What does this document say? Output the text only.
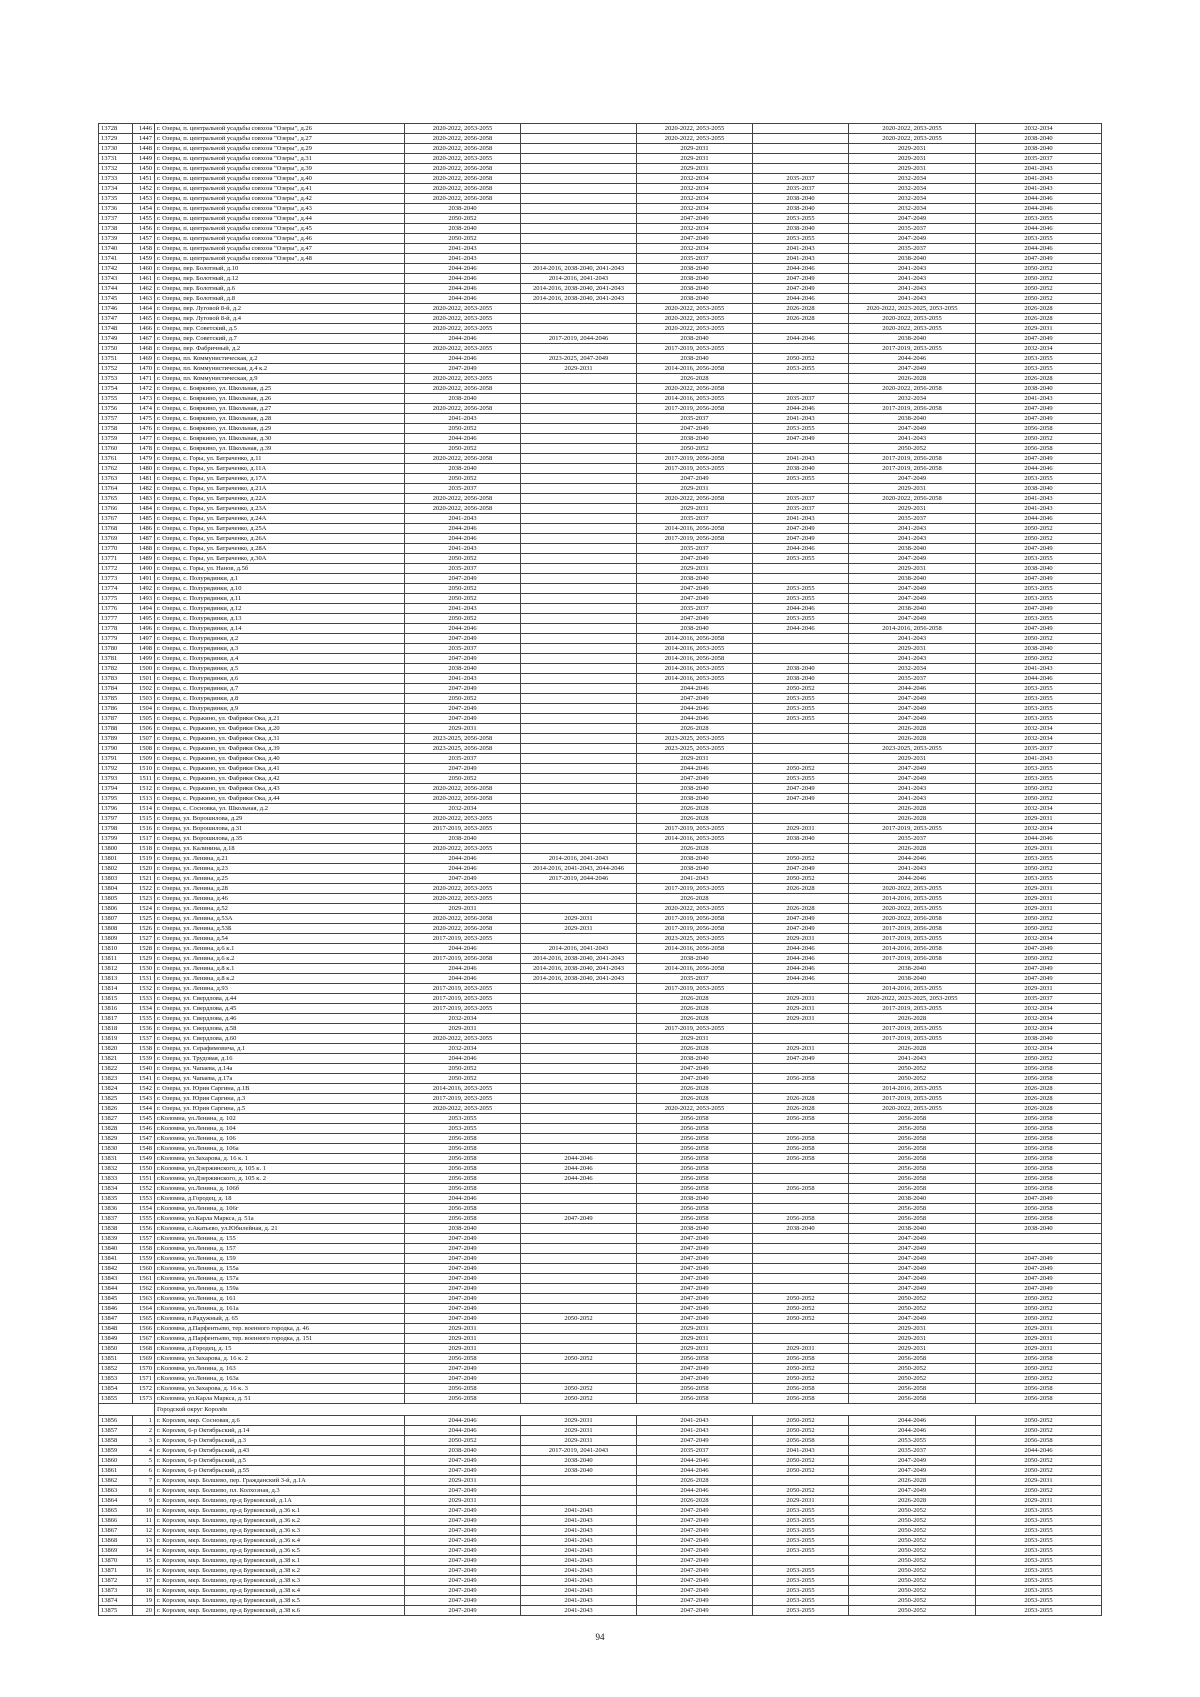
13728	1446	г. Озеры, п. центральной усадьбы совхоза "Озеры", д.26	2020-2022, 2053-2055		2020-2022, 2053-2055		2020-2022, 2053-2055	2032-2034
13729	1447	г. Озеры, п. центральной усадьбы совхоза "Озеры", д.27	2020-2022, 2056-2058		2020-2022, 2053-2055		2020-2022, 2053-2055	2038-2040
13730	1448	г. Озеры, п. центральной усадьбы совхоза "Озеры", д.29	2020-2022, 2056-2058		2029-2031		2029-2031	2038-2040
13731	1449	г. Озеры, п. центральной усадьбы совхоза "Озеры", д.31	2020-2022, 2053-2055		2029-2031		2029-2031	2035-2037
13732	1450	г. Озеры, п. центральной усадьбы совхоза "Озеры", д.39	2020-2022, 2056-2058		2029-2031		2029-2031	2041-2043
13733	1451	г. Озеры, п. центральной усадьбы совхоза "Озеры", д.40	2020-2022, 2056-2058		2032-2034	2035-2037	2032-2034	2041-2043
13734	1452	г. Озеры, п. центральной усадьбы совхоза "Озеры", д.41	2020-2022, 2056-2058		2032-2034	2035-2037	2032-2034	2041-2043
13735	1453	г. Озеры, п. центральной усадьбы совхоза "Озеры", д.42	2020-2022, 2056-2058		2032-2034	2038-2040	2032-2034	2044-2046
13736	1454	г. Озеры, п. центральной усадьбы совхоза "Озеры", д.43	2038-2040		2032-2034	2038-2040	2032-2034	2044-2046
13737	1455	г. Озеры, п. центральной усадьбы совхоза "Озеры", д.44	2050-2052		2047-2049	2053-2055	2047-2049	2053-2055
13738	1456	г. Озеры, п. центральной усадьбы совхоза "Озеры", д.45	2038-2040		2032-2034	2038-2040	2035-2037	2044-2046
13739	1457	г. Озеры, п. центральной усадьбы совхоза "Озеры", д.46	2050-2052		2047-2049	2053-2055	2047-2049	2053-2055
13740	1458	г. Озеры, п. центральной усадьбы совхоза "Озеры", д.47	2041-2043		2032-2034	2041-2043	2035-2037	2044-2046
13741	1459	г. Озеры, п. центральной усадьбы совхоза "Озеры", д.48	2041-2043		2035-2037	2041-2043	2038-2040	2047-2049
13742	1460	г. Озеры, пер. Болотный, д.10	2044-2046	2014-2016, 2038-2040, 2041-2043	2038-2040	2044-2046	2041-2043	2050-2052
13743	1461	г. Озеры, пер. Болотный, д.12	2044-2046	2014-2016, 2041-2043	2038-2040	2047-2049	2041-2043	2050-2052
13744	1462	г. Озеры, пер. Болотный, д.6	2044-2046	2014-2016, 2038-2040, 2041-2043	2038-2040	2047-2049	2041-2043	2050-2052
13745	1463	г. Озеры, пер. Болотный, д.8	2044-2046	2014-2016, 2038-2040, 2041-2043	2038-2040	2044-2046	2041-2043	2050-2052
13746	1464	г. Озеры, пер. Луговой 8-й, д.2	2020-2022, 2053-2055		2020-2022, 2053-2055	2026-2028	2020-2022, 2023-2025, 2053-2055	2026-2028
13747	1465	г. Озеры, пер. Луговой 8-й, д.4	2020-2022, 2053-2055		2020-2022, 2053-2055	2026-2028	2020-2022, 2053-2055	2026-2028
13748	1466	г. Озеры, пер. Советский, д.5	2020-2022, 2053-2055		2020-2022, 2053-2055		2020-2022, 2053-2055	2029-2031
13749	1467	г. Озеры, пер. Советский, д.7	2044-2046	2017-2019, 2044-2046	2038-2040	2044-2046	2038-2040	2047-2049
13750	1468	г. Озеры, пер. Фабричный, д.2	2020-2022, 2053-2055		2017-2019, 2053-2055		2017-2019, 2053-2055	2032-2034
13751	1469	г. Озеры, пл. Коммунистическая, д.2	2044-2046	2023-2025, 2047-2049	2038-2040	2050-2052	2044-2046	2053-2055
13752	1470	г. Озеры, пл. Коммунистическая, д.4 к.2	2047-2049	2029-2031	2014-2016, 2056-2058	2053-2055	2047-2049	2053-2055
13753	1471	г. Озеры, пл. Коммунистическая, д.9	2020-2022, 2053-2055		2026-2028		2026-2028	2026-2028
13754	1472	г. Озеры, с. Бояркино, ул. Школьная, д.25	2020-2022, 2056-2058		2020-2022, 2056-2058		2020-2022, 2056-2058	2038-2040
13755	1473	г. Озеры, с. Бояркино, ул. Школьная, д.26	2038-2040		2014-2016, 2053-2055	2035-2037	2032-2034	2041-2043
13756	1474	г. Озеры, с. Бояркино, ул. Школьная, д.27	2020-2022, 2056-2058		2017-2019, 2056-2058	2044-2046	2017-2019, 2056-2058	2047-2049
13757	1475	г. Озеры, с. Бояркино, ул. Школьная, д.28	2041-2043		2035-2037	2041-2043	2038-2040	2047-2049
13758	1476	г. Озеры, с. Бояркино, ул. Школьная, д.29	2050-2052		2047-2049	2053-2055	2047-2049	2056-2058
13759	1477	г. Озеры, с. Бояркино, ул. Школьная, д.30	2044-2046		2038-2040	2047-2049	2041-2043	2050-2052
13760	1478	г. Озеры, с. Бояркино, ул. Школьная, д.39	2050-2052		2050-2052		2050-2052	2056-2058
13761	1479	г. Озеры, с. Горы, ул. Батраченко, д.11	2020-2022, 2056-2058		2017-2019, 2056-2058	2041-2043	2017-2019, 2056-2058	2047-2049
13762	1480	г. Озеры, с. Горы, ул. Батраченко, д.11А	2038-2040		2017-2019, 2053-2055	2038-2040	2017-2019, 2056-2058	2044-2046
13763	1481	г. Озеры, с. Горы, ул. Батраченко, д.17А	2050-2052		2047-2049	2053-2055	2047-2049	2053-2055
13764	1482	г. Озеры, с. Горы, ул. Батраченко, д.21А	2035-2037		2029-2031		2029-2031	2038-2040
13765	1483	г. Озеры, с. Горы, ул. Батраченко, д.22А	2020-2022, 2056-2058		2020-2022, 2056-2058	2035-2037	2020-2022, 2056-2058	2041-2043
13766	1484	г. Озеры, с. Горы, ул. Батраченко, д.23А	2020-2022, 2056-2058		2029-2031	2035-2037	2029-2031	2041-2043
13767	1485	г. Озеры, с. Горы, ул. Батраченко, д.24А	2041-2043		2035-2037	2041-2043	2035-2037	2044-2046
13768	1486	г. Озеры, с. Горы, ул. Батраченко, д.25А	2044-2046		2014-2016, 2056-2058	2047-2049	2041-2043	2050-2052
13769	1487	г. Озеры, с. Горы, ул. Батраченко, д.26А	2044-2046		2017-2019, 2056-2058	2047-2049	2041-2043	2050-2052
13770	1488	г. Озеры, с. Горы, ул. Батраченко, д.28А	2041-2043		2035-2037	2044-2046	2038-2040	2047-2049
13771	1489	г. Озеры, с. Горы, ул. Батраченко, д.30А	2050-2052		2047-2049	2053-2055	2047-2049	2053-2055
13772	1490	г. Озеры, с. Горы, ул. Нанов, д.5б	2035-2037		2029-2031		2029-2031	2038-2040
13773	1491	г. Озеры, с. Полурядинки, д.1	2047-2049		2038-2040		2038-2040	2047-2049
13774	1492	г. Озеры, с. Полурядинки, д.10	2050-2052		2047-2049	2053-2055	2047-2049	2053-2055
13775	1493	г. Озеры, с. Полурядинки, д.11	2050-2052		2047-2049	2053-2055	2047-2049	2053-2055
13776	1494	г. Озеры, с. Полурядинки, д.12	2041-2043		2035-2037	2044-2046	2038-2040	2047-2049
13777	1495	г. Озеры, с. Полурядинки, д.13	2050-2052		2047-2049	2053-2055	2047-2049	2053-2055
13778	1496	г. Озеры, с. Полурядинки, д.14	2044-2046		2038-2040	2044-2046	2014-2016, 2056-2058	2047-2049
13779	1497	г. Озеры, с. Полурядинки, д.2	2047-2049		2014-2016, 2056-2058		2041-2043	2050-2052
13780	1498	г. Озеры, с. Полурядинки, д.3	2035-2037		2014-2016, 2053-2055		2029-2031	2038-2040
13781	1499	г. Озеры, с. Полурядинки, д.4	2047-2049		2014-2016, 2056-2058		2041-2043	2050-2052
13782	1500	г. Озеры, с. Полурядинки, д.5	2038-2040		2014-2016, 2053-2055	2038-2040	2032-2034	2041-2043
13783	1501	г. Озеры, с. Полурядинки, д.6	2041-2043		2014-2016, 2053-2055	2038-2040	2035-2037	2044-2046
13784	1502	г. Озеры, с. Полурядинки, д.7	2047-2049		2044-2046	2050-2052	2044-2046	2053-2055
13785	1503	г. Озеры, с. Полурядинки, д.8	2050-2052		2047-2049	2053-2055	2047-2049	2053-2055
13786	1504	г. Озеры, с. Полурядинки, д.9	2047-2049		2044-2046	2053-2055	2047-2049	2053-2055
13787	1505	г. Озеры, с. Редькино, ул. Фабрики Ока, д.21	2047-2049		2044-2046	2053-2055	2047-2049	2053-2055
13788	1506	г. Озеры, с. Редькино, ул. Фабрики Ока, д.20	2029-2031		2026-2028		2026-2028	2032-2034
13789	1507	г. Озеры, с. Редькино, ул. Фабрики Ока, д.31	2023-2025, 2056-2058		2023-2025, 2053-2055		2026-2028	2032-2034
13790	1508	г. Озеры, с. Редькино, ул. Фабрики Ока, д.39	2023-2025, 2056-2058		2023-2025, 2053-2055		2023-2025, 2053-2055	2035-2037
13791	1509	г. Озеры, с. Редькино, ул. Фабрики Ока, д.40	2035-2037		2029-2031		2029-2031	2041-2043
13792	1510	г. Озеры, с. Редькино, ул. Фабрики Ока, д.41	2047-2049		2044-2046	2050-2052	2047-2049	2053-2055
13793	1511	г. Озеры, с. Редькино, ул. Фабрики Ока, д.42	2050-2052		2047-2049	2053-2055	2047-2049	2053-2055
13794	1512	г. Озеры, с. Редькино, ул. Фабрики Ока, д.43	2020-2022, 2056-2058		2038-2040	2047-2049	2041-2043	2050-2052
13795	1513	г. Озеры, с. Редькино, ул. Фабрики Ока, д.44	2020-2022, 2056-2058		2038-2040	2047-2049	2041-2043	2050-2052
13796	1514	г. Озеры, с. Сосновка, ул. Школьная, д.2	2032-2034		2026-2028		2026-2028	2032-2034
13797	1515	г. Озеры, ул. Ворошилова, д.29	2020-2022, 2053-2055		2026-2028		2026-2028	2029-2031
13798	1516	г. Озеры, ул. Ворошилова, д.31	2017-2019, 2053-2055		2017-2019, 2053-2055	2029-2031	2017-2019, 2053-2055	2032-2034
13799	1517	г. Озеры, ул. Ворошилова, д.35	2038-2040		2014-2016, 2053-2055	2038-2040	2035-2037	2044-2046
13800	1518	г. Озеры, ул. Калинина, д.18	2020-2022, 2053-2055		2026-2028		2026-2028	2029-2031
13801	1519	г. Озеры, ул. Ленина, д.21	2044-2046	2014-2016, 2041-2043	2038-2040	2050-2052	2044-2046	2053-2055
13802	1520	г. Озеры, ул. Ленина, д.23	2044-2046	2014-2016, 2041-2043, 2044-2046	2038-2040	2047-2049	2041-2043	2050-2052
13803	1521	г. Озеры, ул. Ленина, д.25	2047-2049	2017-2019, 2044-2046	2041-2043	2050-2052	2044-2046	2053-2055
13804	1522	г. Озеры, ул. Ленина, д.28	2020-2022, 2053-2055		2017-2019, 2053-2055	2026-2028	2020-2022, 2053-2055	2029-2031
13805	1523	г. Озеры, ул. Ленина, д.46	2020-2022, 2053-2055		2026-2028		2014-2016, 2053-2055	2029-2031
13806	1524	г. Озеры, ул. Ленина, д.52	2029-2031		2020-2022, 2053-2055	2026-2028	2020-2022, 2053-2055	2029-2031
13807	1525	г. Озеры, ул. Ленина, д.53А	2020-2022, 2056-2058	2029-2031	2017-2019, 2056-2058	2047-2049	2020-2022, 2056-2058	2050-2052
13808	1526	г. Озеры, ул. Ленина, д.53Б	2020-2022, 2056-2058	2029-2031	2017-2019, 2056-2058	2047-2049	2017-2019, 2056-2058	2050-2052
13809	1527	г. Озеры, ул. Ленина, д.54	2017-2019, 2053-2055		2023-2025, 2053-2055	2029-2031	2017-2019, 2053-2055	2032-2034
13810	1528	г. Озеры, ул. Ленина, д.6 к.1	2044-2046	2014-2016, 2041-2043	2014-2016, 2056-2058	2044-2046	2014-2016, 2056-2058	2047-2049
13811	1529	г. Озеры, ул. Ленина, д.6 к.2	2017-2019, 2056-2058	2014-2016, 2038-2040, 2041-2043	2038-2040	2044-2046	2017-2019, 2056-2058	2050-2052
13812	1530	г. Озеры, ул. Ленина, д.8 к.1	2044-2046	2014-2016, 2038-2040, 2041-2043	2014-2016, 2056-2058	2044-2046	2038-2040	2047-2049
13813	1531	г. Озеры, ул. Ленина, д.8 к.2	2044-2046	2014-2016, 2038-2040, 2041-2043	2035-2037	2044-2046	2038-2040	2047-2049
13814	1532	г. Озеры, ул. Ленина, д.93	2017-2019, 2053-2055		2017-2019, 2053-2055		2014-2016, 2053-2055	2029-2031
13815	1533	г. Озеры, ул. Свердлова, д.44	2017-2019, 2053-2055		2026-2028	2029-2031	2020-2022, 2023-2025, 2053-2055	2035-2037
13816	1534	г. Озеры, ул. Свердлова, д.45	2017-2019, 2053-2055		2026-2028	2029-2031	2017-2019, 2053-2055	2032-2034
13817	1535	г. Озеры, ул. Свердлова, д.46	2032-2034		2026-2028	2029-2031	2026-2028	2032-2034
13818	1536	г. Озеры, ул. Свердлова, д.58	2029-2031		2017-2019, 2053-2055		2017-2019, 2053-2055	2032-2034
13819	1537	г. Озеры, ул. Свердлова, д.60	2020-2022, 2053-2055		2029-2031		2017-2019, 2053-2055	2038-2040
13820	1538	г. Озеры, ул. Серафимовича, д.1	2032-2034		2026-2028	2029-2031	2026-2028	2032-2034
13821	1539	г. Озеры, ул. Трудовая, д.16	2044-2046		2038-2040	2047-2049	2041-2043	2050-2052
13822	1540	г. Озеры, ул. Чапаева, д.14а	2050-2052		2047-2049		2050-2052	2056-2058
13823	1541	г. Озеры, ул. Чапаева, д.17а	2050-2052		2047-2049	2056-2058	2050-2052	2056-2058
13824	1542	г. Озеры, ул. Юрия Саргина, д.1В	2014-2016, 2053-2055		2026-2028		2014-2016, 2053-2055	2026-2028
13825	1543	г. Озеры, ул. Юрия Саргина, д.3	2017-2019, 2053-2055		2026-2028	2026-2028	2017-2019, 2053-2055	2026-2028
13826	1544	г. Озеры, ул. Юрия Саргина, д.5	2020-2022, 2053-2055		2020-2022, 2053-2055	2026-2028	2020-2022, 2053-2055	2026-2028
13827	1545	г.Коломна, ул.Ленина, д. 102	2053-2055		2056-2058	2056-2058	2056-2058	2056-2058
13828	1546	г.Коломна, ул.Ленина, д. 104	2053-2055		2056-2058		2056-2058	2056-2058
13829	1547	г.Коломна, ул.Ленина, д. 106	2056-2058		2056-2058	2056-2058	2056-2058	2056-2058
13830	1548	г.Коломна, ул.Ленина, д. 106а	2056-2058		2056-2058	2056-2058	2056-2058	2056-2058
13831	1549	г.Коломна, ул.Захарова, д. 16 к. 1	2056-2058	2044-2046	2056-2058	2056-2058	2056-2058	2056-2058
13832	1550	г.Коломна, ул.Дзержинского, д. 105 к. 1	2056-2058	2044-2046	2056-2058		2056-2058	2056-2058
13833	1551	г.Коломна, ул.Дзержинского, д. 105 к. 2	2056-2058	2044-2046	2056-2058		2056-2058	2056-2058
13834	1552	г.Коломна, ул.Ленина, д. 106б	2056-2058		2056-2058	2056-2058	2056-2058	2056-2058
13835	1553	г.Коломна, д.Городец, д. 18	2044-2046		2038-2040		2038-2040	2047-2049
13836	1554	г.Коломна, ул.Ленина, д. 106г	2056-2058		2056-2058		2056-2058	2056-2058
13837	1555	г.Коломна, ул.Карла Маркса, д. 51а	2056-2058	2047-2049	2056-2058	2056-2058	2056-2058	2056-2058
13838	1556	г.Коломна, с.Акатьево, ул.Юбилейная, д. 21	2038-2040		2038-2040	2038-2040	2038-2040	2038-2040
13839	1557	г.Коломна, ул.Ленина, д. 155	2047-2049		2047-2049		2047-2049	
13840	1558	г.Коломна, ул.Ленина, д. 157	2047-2049		2047-2049		2047-2049	
13841	1559	г.Коломна, ул.Ленина, д. 159	2047-2049		2047-2049		2047-2049	2047-2049
13842	1560	г.Коломна, ул.Ленина, д. 155а	2047-2049		2047-2049		2047-2049	2047-2049
13843	1561	г.Коломна, ул.Ленина, д. 157а	2047-2049		2047-2049		2047-2049	2047-2049
13844	1562	г.Коломна, ул.Ленина, д. 159а	2047-2049		2047-2049		2047-2049	2047-2049
13845	1563	г.Коломна, ул.Ленина, д. 161	2047-2049		2047-2049	2050-2052	2050-2052	2050-2052
13846	1564	г.Коломна, ул.Ленина, д. 161а	2047-2049		2047-2049	2050-2052	2050-2052	2050-2052
13847	1565	г.Коломна, п.Радужный, д. 65	2047-2049	2050-2052	2047-2049	2050-2052	2047-2049	2050-2052
13848	1566	г.Коломна, д.Парфентьево, тер. военного городка, д. 46	2029-2031		2029-2031		2029-2031	2029-2031
13849	1567	г.Коломна, д.Парфентьево, тер. военного городка, д. 151	2029-2031		2029-2031		2029-2031	2029-2031
13850	1568	г.Коломна, д.Городец, д. 15	2029-2031		2029-2031	2029-2031	2029-2031	2029-2031
13851	1569	г.Коломна, ул.Захарова, д. 16 к. 2	2056-2058	2050-2052	2056-2058	2056-2058	2056-2058	2056-2058
13852	1570	г.Коломна, ул.Ленина, д. 163	2047-2049		2047-2049	2050-2052	2050-2052	2050-2052
13853	1571	г.Коломна, ул.Ленина, д. 163а	2047-2049		2047-2049	2050-2052	2050-2052	2050-2052
13854	1572	г.Коломна, ул.Захарова, д. 16 к. 3	2056-2058	2050-2052	2056-2058	2056-2058	2056-2058	2056-2058
13855	1573	г.Коломна, ул.Карла Маркса, д. 51	2056-2058	2050-2052	2056-2058	2056-2058	2056-2058	2056-2058
		Городской округ Королёв						
13856	1	г. Королев, мкр. Сосновая, д.6	2044-2046	2029-2031	2041-2043	2050-2052	2044-2046	2050-2052
13857	2	г. Королев, 6-р Октябрьский, д.14	2044-2046	2029-2031	2041-2043	2050-2052	2044-2046	2050-2052
13858	3	г. Королев, 6-р Октябрьский, д.3	2050-2052	2029-2031	2047-2049	2056-2058	2053-2055	2056-2058
13859	4	г. Королев, 6-р Октябрьский, д.43	2038-2040	2017-2019, 2041-2043	2035-2037	2041-2043	2035-2037	2044-2046
13860	5	г. Королев, 6-р Октябрьский, д.5	2047-2049	2038-2040	2044-2046	2050-2052	2047-2049	2050-2052
13861	6	г. Королев, 6-р Октябрьский, д.55	2047-2049	2038-2040	2044-2046	2050-2052	2047-2049	2050-2052
13862	7	г. Королев, мкр. Болшево, пер. Гражданский 3-й, д.1А	2029-2031		2026-2028		2026-2028	2029-2031
13863	8	г. Королев, мкр. Болшево, пл. Колхозная, д.3	2047-2049		2044-2046	2050-2052	2047-2049	2050-2052
13864	9	г. Королев, мкр. Болшево, пр-д Бурковский, д.1А	2029-2031		2026-2028	2029-2031	2026-2028	2029-2031
13865	10	г. Королев, мкр. Болшево, пр-д Бурковский, д.36 к.1	2047-2049	2041-2043	2047-2049	2053-2055	2050-2052	2053-2055
13866	11	г. Королев, мкр. Болшево, пр-д Бурковский, д.36 к.2	2047-2049	2041-2043	2047-2049	2053-2055	2050-2052	2053-2055
13867	12	г. Королев, мкр. Болшево, пр-д Бурковский, д.36 к.3	2047-2049	2041-2043	2047-2049	2053-2055	2050-2052	2053-2055
13868	13	г. Королев, мкр. Болшево, пр-д Бурковский, д.36 к.4	2047-2049	2041-2043	2047-2049	2053-2055	2050-2052	2053-2055
13869	14	г. Королев, мкр. Болшево, пр-д Бурковский, д.36 к.5	2047-2049	2041-2043	2047-2049	2053-2055	2050-2052	2053-2055
13870	15	г. Королев, мкр. Болшево, пр-д Бурковский, д.38 к.1	2047-2049	2041-2043	2047-2049		2050-2052	2053-2055
13871	16	г. Королев, мкр. Болшево, пр-д Бурковский, д.38 к.2	2047-2049	2041-2043	2047-2049	2053-2055	2050-2052	2053-2055
13872	17	г. Королев, мкр. Болшево, пр-д Бурковский, д.38 к.3	2047-2049	2041-2043	2047-2049	2053-2055	2050-2052	2053-2055
13873	18	г. Королев, мкр. Болшево, пр-д Бурковский, д.38 к.4	2047-2049	2041-2043	2047-2049	2053-2055	2050-2052	2053-2055
13874	19	г. Королев, мкр. Болшево, пр-д Бурковский, д.38 к.5	2047-2049	2041-2043	2047-2049	2053-2055	2050-2052	2053-2055
13875	20	г. Королев, мкр. Болшево, пр-д Бурковский, д.38 к.6	2047-2049	2041-2043	2047-2049	2053-2055	2050-2052	2053-2055
94
